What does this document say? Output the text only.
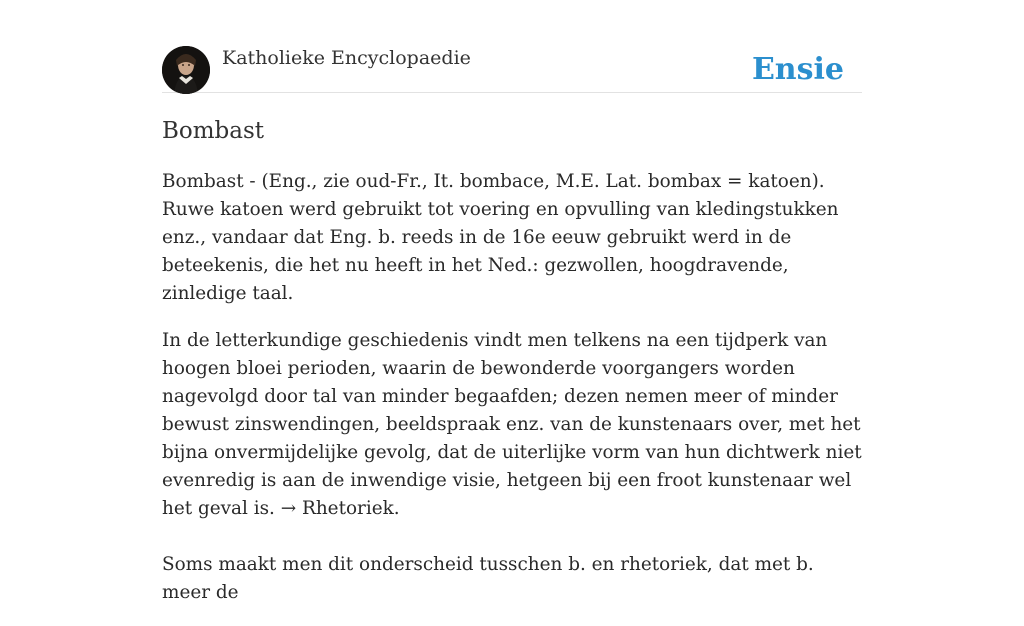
Katholieke Encyclopaedie	Ensie
Bombast

Bombast - (Eng., zie oud-Fr., It. bombace, M.E. Lat. bombax = katoen). Ruwe katoen werd gebruikt tot voering en opvulling van kledingstukken enz., vandaar dat Eng. b. reeds in de 16e eeuw gebruikt werd in de beteekenis, die het nu heeft in het Ned.: gezwollen, hoogdravende, zinledige taal.

In de letterkundige geschiedenis vindt men telkens na een tijdperk van hoogen bloei perioden, waarin de bewonderde voorgangers worden nagevolgd door tal van minder begaafden; dezen nemen meer of minder bewust zinswendingen, beeldspraak enz. van de kunstenaars over, met het bijna onvermijdelijke gevolg, dat de uiterlijke vorm van hun dichtwerk niet evenredig is aan de inwendige visie, hetgeen bij een froot kunstenaar wel het geval is. → Rhetoriek.

Soms maakt men dit onderscheid tusschen b. en rhetoriek, dat met b. meer de
